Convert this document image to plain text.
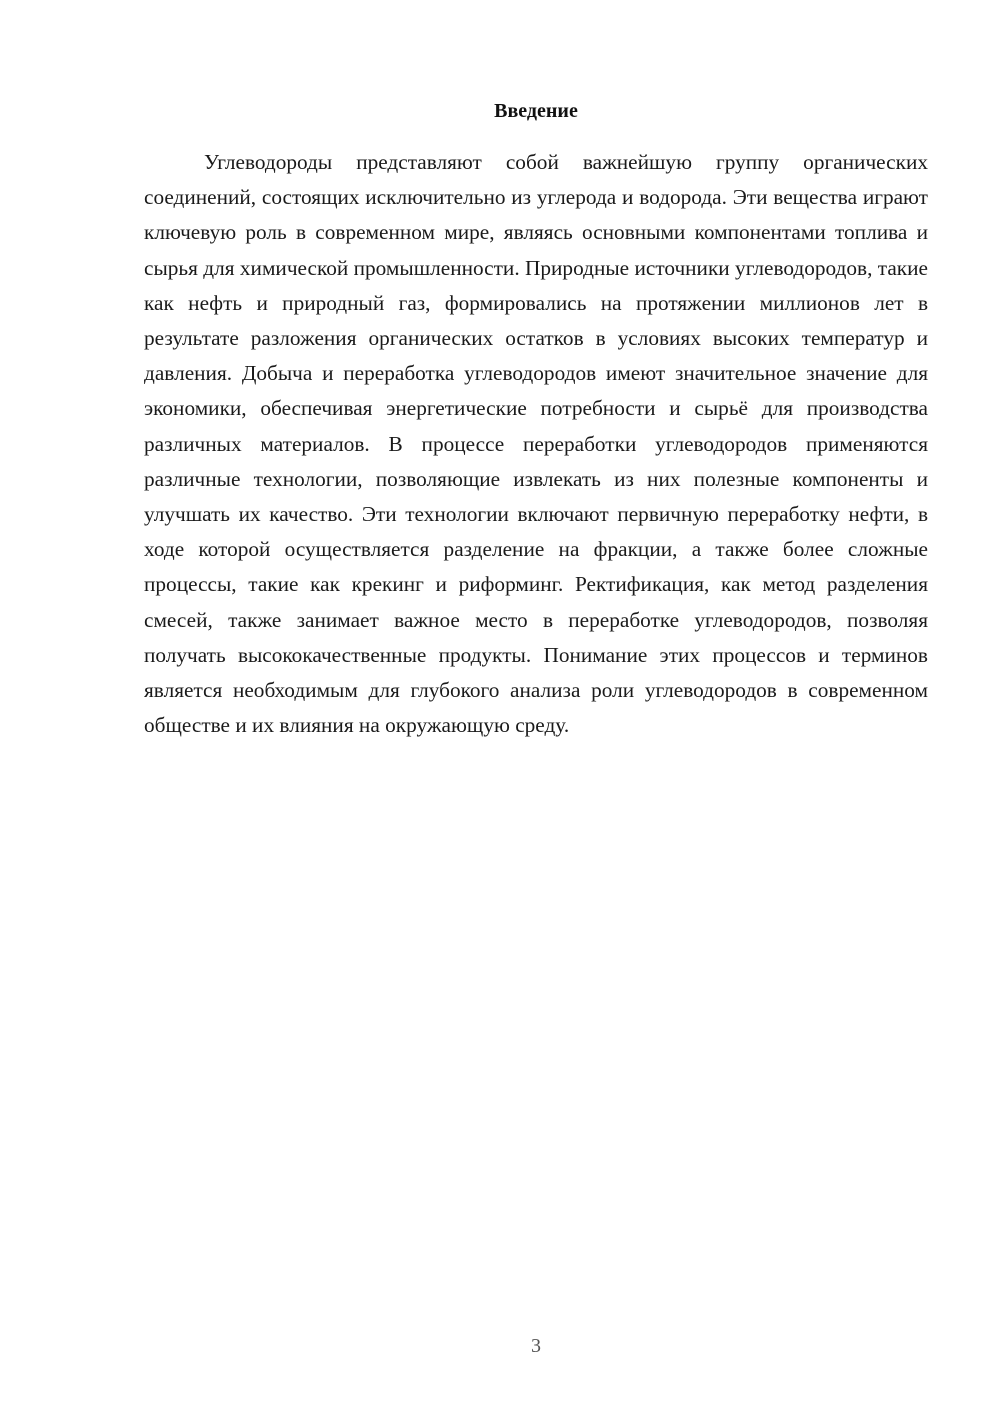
Введение

Углеводороды представляют собой важнейшую группу органических соединений, состоящих исключительно из углерода и водорода. Эти вещества играют ключевую роль в современном мире, являясь основными компонентами топлива и сырья для химической промышленности. Природные источники углеводородов, такие как нефть и природный газ, формировались на протяжении миллионов лет в результате разложения органических остатков в условиях высоких температур и давления. Добыча и переработка углеводородов имеют значительное значение для экономики, обеспечивая энергетические потребности и сырьё для производства различных материалов. В процессе переработки углеводородов применяются различные технологии, позволяющие извлекать из них полезные компоненты и улучшать их качество. Эти технологии включают первичную переработку нефти, в ходе которой осуществляется разделение на фракции, а также более сложные процессы, такие как крекинг и риформинг. Ректификация, как метод разделения смесей, также занимает важное место в переработке углеводородов, позволяя получать высококачественные продукты. Понимание этих процессов и терминов является необходимым для глубокого анализа роли углеводородов в современном обществе и их влияния на окружающую среду.

3
